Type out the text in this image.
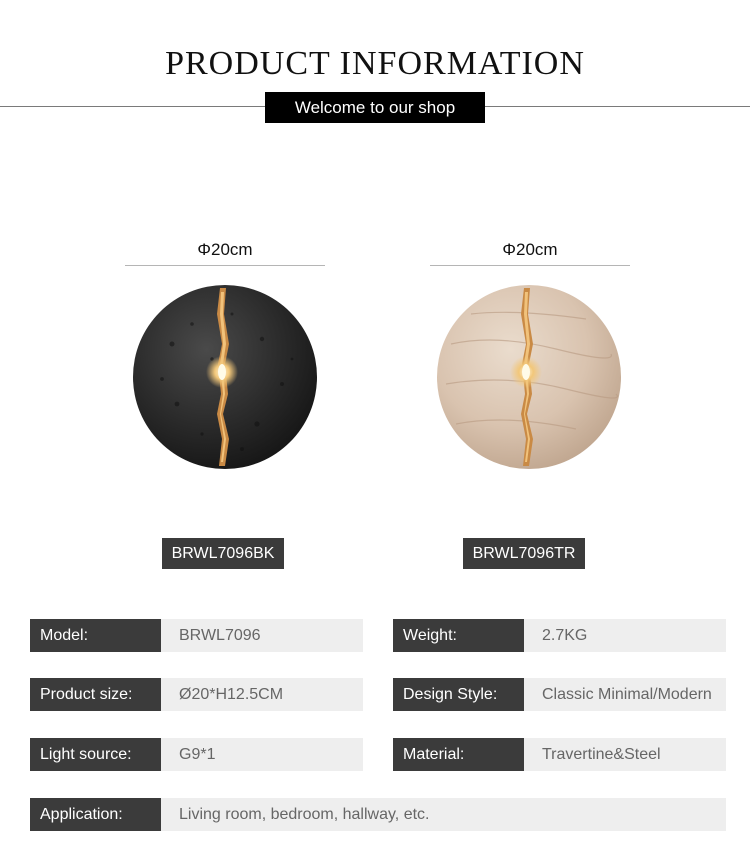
PRODUCT INFORMATION
Welcome to our shop
Φ20cm
BRWL7096BK
Φ20cm
BRWL7096TR
Model:	BRWL7096	Weight:	2.7KG
Product size:	Ø20*H12.5CM	Design Style:	Classic Minimal/Modern
Light source:	G9*1	Material:	Travertine&Steel
Application:	Living room, bedroom, hallway, etc.
